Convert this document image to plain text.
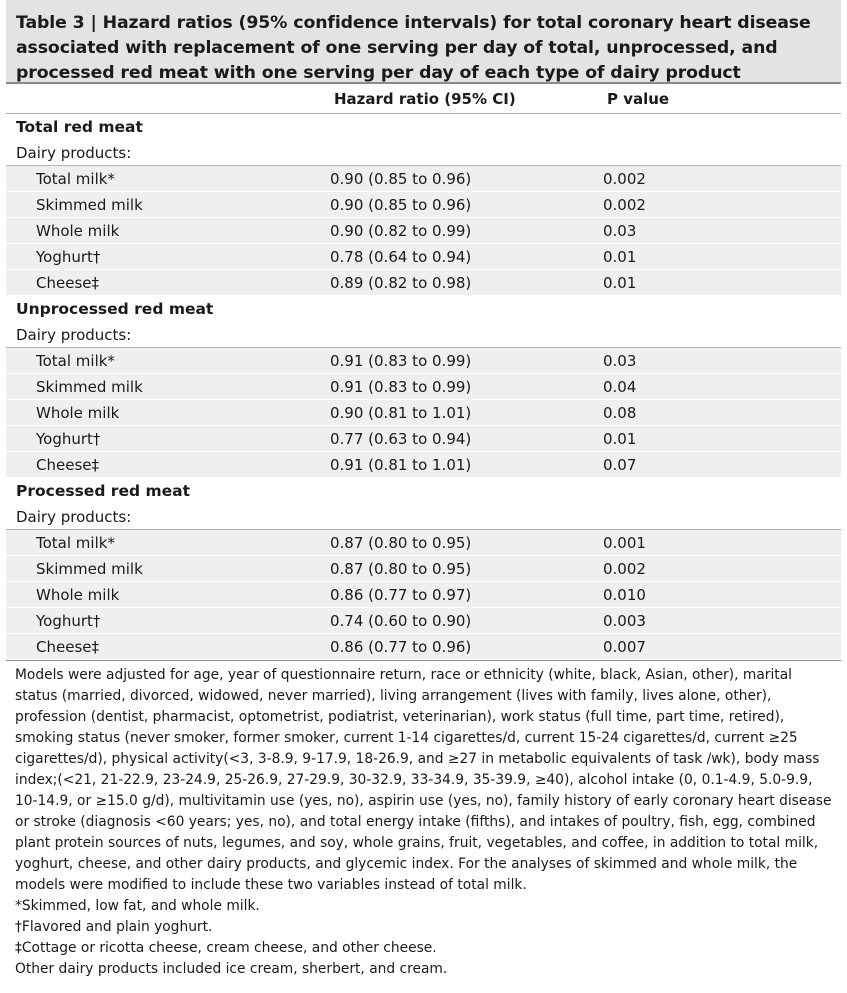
Table 3 | Hazard ratios (95% confidence intervals) for total coronary heart disease associated with replacement of one serving per day of total, unprocessed, and processed red meat with one serving per day of each type of dairy product
Hazard ratio (95% CI)	P value
Total red meat
Dairy products:
Total milk*	0.90 (0.85 to 0.96)	0.002
Skimmed milk	0.90 (0.85 to 0.96)	0.002
Whole milk	0.90 (0.82 to 0.99)	0.03
Yoghurt†	0.78 (0.64 to 0.94)	0.01
Cheese‡	0.89 (0.82 to 0.98)	0.01
Unprocessed red meat
Dairy products:
Total milk*	0.91 (0.83 to 0.99)	0.03
Skimmed milk	0.91 (0.83 to 0.99)	0.04
Whole milk	0.90 (0.81 to 1.01)	0.08
Yoghurt†	0.77 (0.63 to 0.94)	0.01
Cheese‡	0.91 (0.81 to 1.01)	0.07
Processed red meat
Dairy products:
Total milk*	0.87 (0.80 to 0.95)	0.001
Skimmed milk	0.87 (0.80 to 0.95)	0.002
Whole milk	0.86 (0.77 to 0.97)	0.010
Yoghurt†	0.74 (0.60 to 0.90)	0.003
Cheese‡	0.86 (0.77 to 0.96)	0.007

Models were adjusted for age, year of questionnaire return, race or ethnicity (white, black, Asian, other), marital status (married, divorced, widowed, never married), living arrangement (lives with family, lives alone, other), profession (dentist, pharmacist, optometrist, podiatrist, veterinarian), work status (full time, part time, retired), smoking status (never smoker, former smoker, current 1-14 cigarettes/d, current 15-24 cigarettes/d, current ≥25 cigarettes/d), physical activity(<3, 3-8.9, 9-17.9, 18-26.9, and ≥27 in metabolic equivalents of task /wk), body mass index;(<21, 21-22.9, 23-24.9, 25-26.9, 27-29.9, 30-32.9, 33-34.9, 35-39.9, ≥40), alcohol intake (0, 0.1-4.9, 5.0-9.9, 10-14.9, or ≥15.0 g/d), multivitamin use (yes, no), aspirin use (yes, no), family history of early coronary heart disease or stroke (diagnosis <60 years; yes, no), and total energy intake (fifths), and intakes of poultry, fish, egg, combined plant protein sources of nuts, legumes, and soy, whole grains, fruit, vegetables, and coffee, in addition to total milk, yoghurt, cheese, and other dairy products, and glycemic index. For the analyses of skimmed and whole milk, the models were modified to include these two variables instead of total milk.

*Skimmed, low fat, and whole milk.

†Flavored and plain yoghurt.

‡Cottage or ricotta cheese, cream cheese, and other cheese.

Other dairy products included ice cream, sherbert, and cream.
